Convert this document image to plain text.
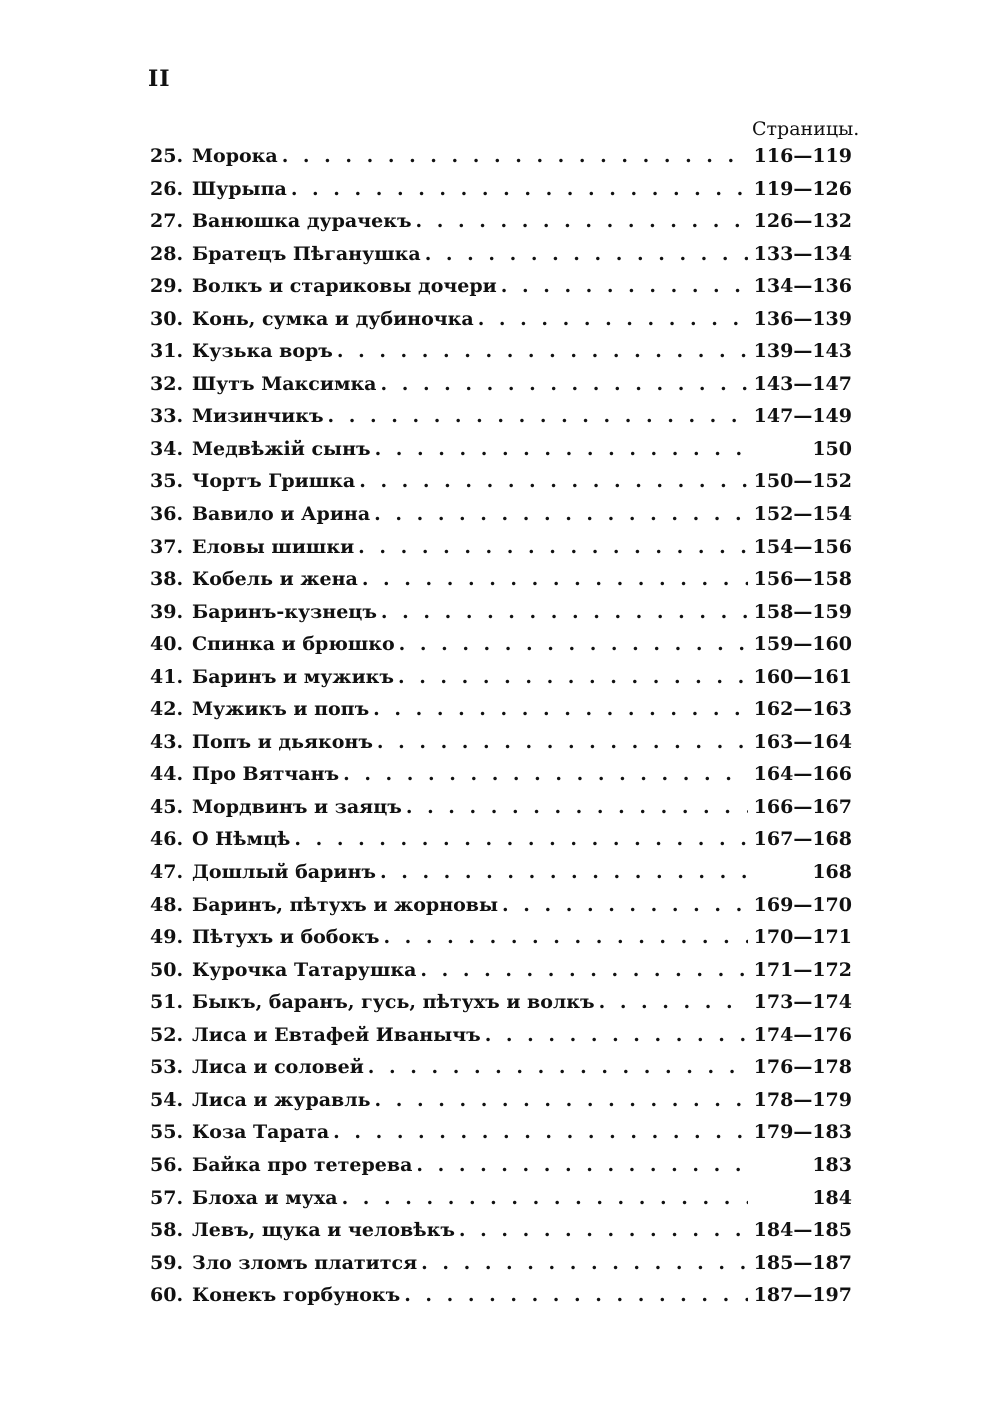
II
Страницы.
25. Морока . . .	116—119
26. Шурыпа . . .	119—126
27. Ванюшка дурачекъ . . .	126—132
28. Братецъ Пѣганушка . . .	133—134
29. Волкъ и стариковы дочери . . .	134—136
30. Конь, сумка и дубиночка . . .	136—139
31. Кузька воръ . . .	139—143
32. Шутъ Максимка . . .	143—147
33. Мизинчикъ . . .	147—149
34. Медвѣжій сынъ . . .	150
35. Чортъ Гришка . . .	150—152
36. Вавило и Арина . . .	152—154
37. Еловы шишки . . .	154—156
38. Кобель и жена . . .	156—158
39. Баринъ-кузнецъ . . .	158—159
40. Спинка и брюшко . . .	159—160
41. Баринъ и мужикъ . . .	160—161
42. Мужикъ и попъ . . .	162—163
43. Попъ и дьяконъ . . .	163—164
44. Про Вятчанъ . . .	164—166
45. Мордвинъ и заяцъ . . .	166—167
46. О Нѣмцѣ . . .	167—168
47. Дошлый баринъ . . .	168
48. Баринъ, пѣтухъ и жорновы . . .	169—170
49. Пѣтухъ и бобокъ . . .	170—171
50. Курочка Татарушка . . .	171—172
51. Быкъ, баранъ, гусь, пѣтухъ и волкъ . . .	173—174
52. Лиса и Евтафей Иванычъ . . .	174—176
53. Лиса и соловей . . .	176—178
54. Лиса и журавль . . .	178—179
55. Коза Тарата . . .	179—183
56. Байка про тетерева . . .	183
57. Блоха и муха . . .	184
58. Левъ, щука и человѣкъ . . .	184—185
59. Зло зломъ платится . . .	185—187
60. Конекъ горбунокъ . . .	187—197
